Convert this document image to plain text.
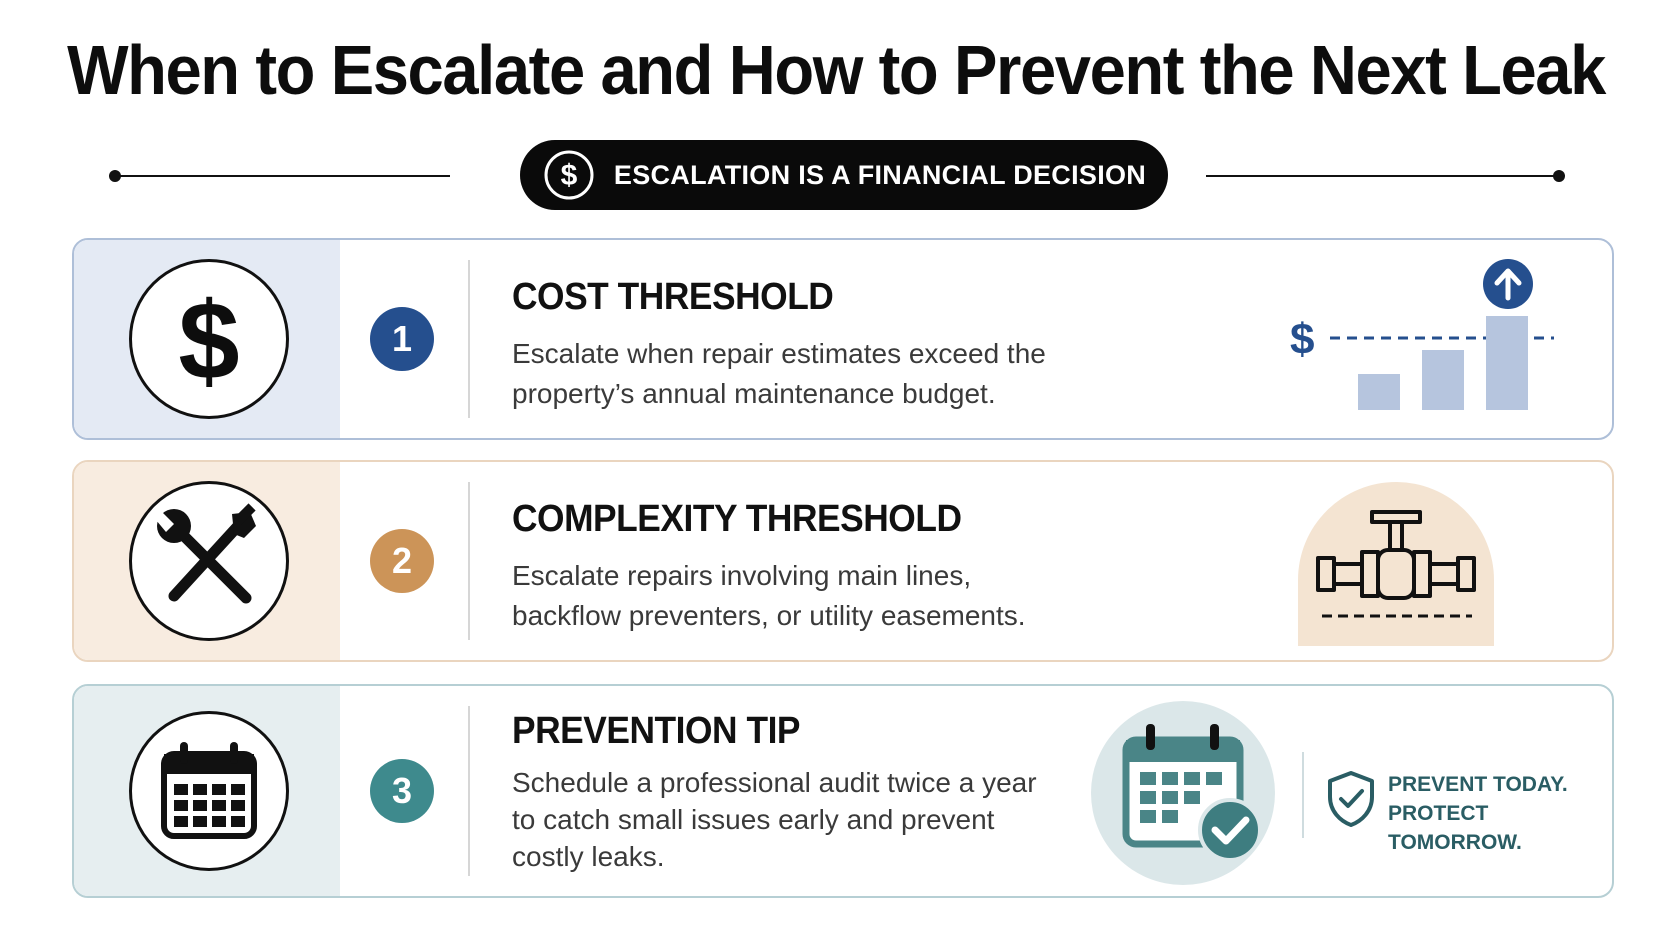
When to Escalate and How to Prevent the Next Leak
$ ESCALATION IS A FINANCIAL DECISION
$	1
COST THRESHOLD
Escalate when repair estimates exceed the
property’s annual maintenance budget.
$
2
COMPLEXITY THRESHOLD
Escalate repairs involving main lines,
backflow preventers, or utility easements.
3
PREVENTION TIP
Schedule a professional audit twice a year
to catch small issues early and prevent
costly leaks.
PREVENT TODAY.
PROTECT TOMORROW.
